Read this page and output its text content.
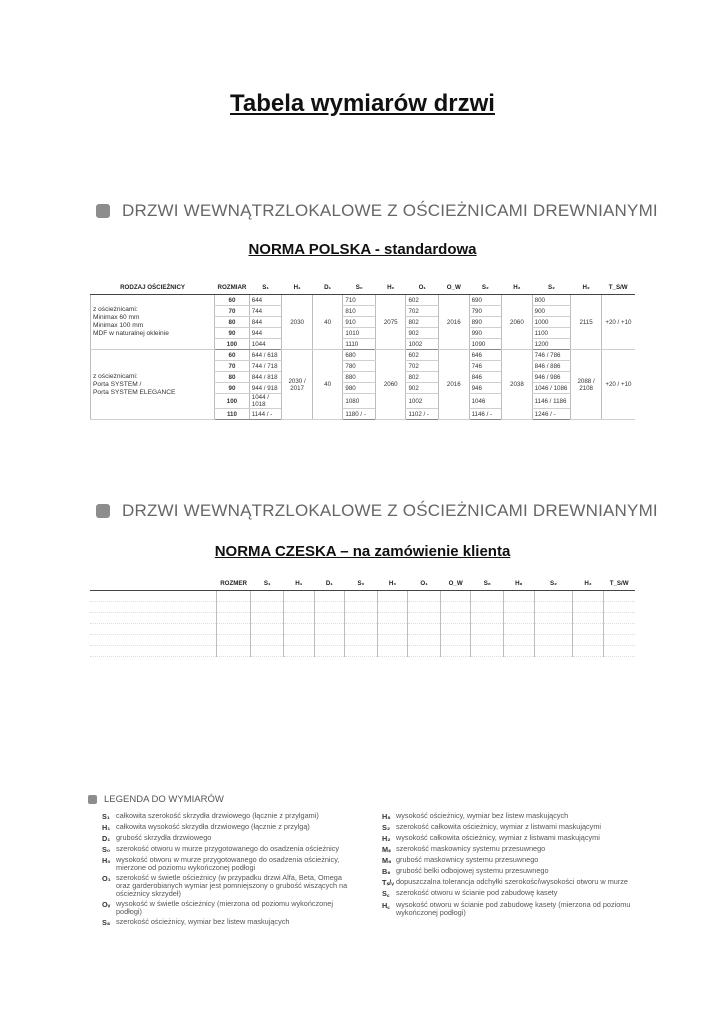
Tabela wymiarów drzwi
DRZWI WEWNĄTRZLOKALOWE Z OŚCIEŻNICAMI DREWNIANYMI
NORMA POLSKA - standardowa
RODZAJ OŚCIEŻNICY	ROZMIAR	S₁	H₁	D₁	S₀	H₀	O₁	O_W	S₂	H₂	S₂	H₂	T_S/W

z ościeżnicami:
Minimax 60 mm
Minimax 100 mm
MDF w naturalnej okleinie	60	644	2030	40	710	2075	602	2016	690	2060	800	2115	+20 / +10
	70	744			810		702		790		900		
	80	844			910		802		890		1000		
	90	944			1010		902		990		1100		
	100	1044			1110		1002		1090		1200		

z ościeżnicami:
Porta SYSTEM /
Porta SYSTEM ELEGANCE	60	644 / 618	2030 / 2017	40	680	2060	602	2016	646	2038	746 / 786	2088 / 2108	+20 / +10
	70	744 / 718			780		702		746		846 / 886		
	80	844 / 818			880		802		846		946 / 986		
	90	944 / 918			980		902		946		1046 / 1086		
	100	1044 / 1018			1080		1002		1046		1146 / 1186		
	110	1144 / -			1180 / -		1102 / -		1146 / -		1246 / -		
DRZWI WEWNĄTRZLOKALOWE Z OŚCIEŻNICAMI DREWNIANYMI
NORMA CZESKA – na zamówienie klienta
	ROZMER	S₁	H₁	D₁	S₀	H₀	O₁	O_W	S₈	H₈	S₂	H₂	T_S/W

LEGENDA DO WYMIARÓW
S₁ całkowita szerokość skrzydła drzwiowego (łącznie z przylgami)
H₁ całkowita wysokość skrzydła drzwiowego (łącznie z przylgą)
D₁ grubość skrzydła drzwiowego
S₀ szerokość otworu w murze przygotowanego do osadzenia ościeżnicy
H₀ wysokość otworu w murze przygotowanego do osadzenia ościeżnicy, mierzone od poziomu wykończonej podłogi
O₁ szerokość w świetle ościeżnicy (w przypadku drzwi Alfa, Beta, Omega oraz garderobianych wymiar jest pomniejszony o grubość wiszących na ościeżnicy skrzydeł)
Oᵥ wysokość w świetle ościeżnicy (mierzona od poziomu wykończonej podłogi)
S₈ szerokość ościeżnicy, wymiar bez listew maskujących
H₈ wysokość ościeżnicy, wymiar bez listew maskujących
S₂ szerokość całkowita ościeżnicy, wymiar z listwami maskującymi
H₂ wysokość całkowita ościeżnicy, wymiar z listwami maskującymi
Mₛ szerokość maskownicy systemu przesuwnego
M₆ grubość maskownicy systemu przesuwnego
B₆ grubość belki odbojowej systemu przesuwnego
Tₛ/ᵥ dopuszczalna tolerancja odchyłki szerokości\wysokości otworu w murze
S꜀ szerokość otworu w ścianie pod zabudowę kasety
H꜀ wysokość otworu w ścianie pod zabudowę kasety (mierzona od poziomu wykończonej podłogi)
